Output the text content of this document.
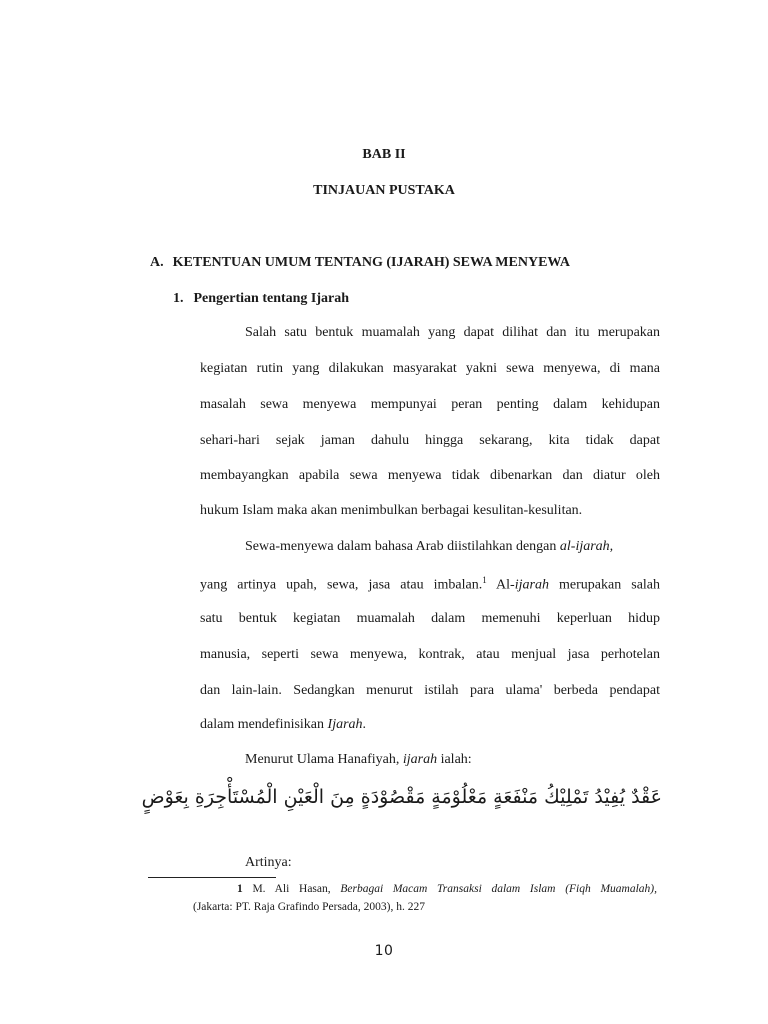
BAB II
TINJAUAN PUSTAKA
A. KETENTUAN UMUM TENTANG (IJARAH) SEWA MENYEWA
1. Pengertian tentang Ijarah
Salah satu bentuk muamalah yang dapat dilihat dan itu merupakan
kegiatan rutin yang dilakukan masyarakat yakni sewa menyewa, di mana
masalah sewa menyewa mempunyai peran penting dalam kehidupan
sehari-hari sejak jaman dahulu hingga sekarang, kita tidak dapat
membayangkan apabila sewa menyewa tidak dibenarkan dan diatur oleh
hukum Islam maka akan menimbulkan berbagai kesulitan-kesulitan.
Sewa-menyewa dalam bahasa Arab diistilahkan dengan al-ijarah,
yang artinya upah, sewa, jasa atau imbalan.$^1$ Al-ijarah merupakan salah
satu bentuk kegiatan muamalah dalam memenuhi keperluan hidup
manusia, seperti sewa menyewa, kontrak, atau menjual jasa perhotelan
dan lain-lain. Sedangkan menurut istilah para ulama' berbeda pendapat
dalam mendefinisikan Ijarah.
Menurut Ulama Hanafiyah, ijarah ialah:
عَقْدٌ يُفِيْدُ تَمْلِيْكُ مَنْفَعَةٍ مَعْلُوْمَةٍ مَقْصُوْدَةٍ مِنَ الْعَيْنِ الْمُسْتَأْجِرَةِ بِعَوْضٍ
Artinya:
1 M. Ali Hasan, Berbagai Macam Transaksi dalam Islam (Fiqh Muamalah),
(Jakarta: PT. Raja Grafindo Persada, 2003), h. 227
10
